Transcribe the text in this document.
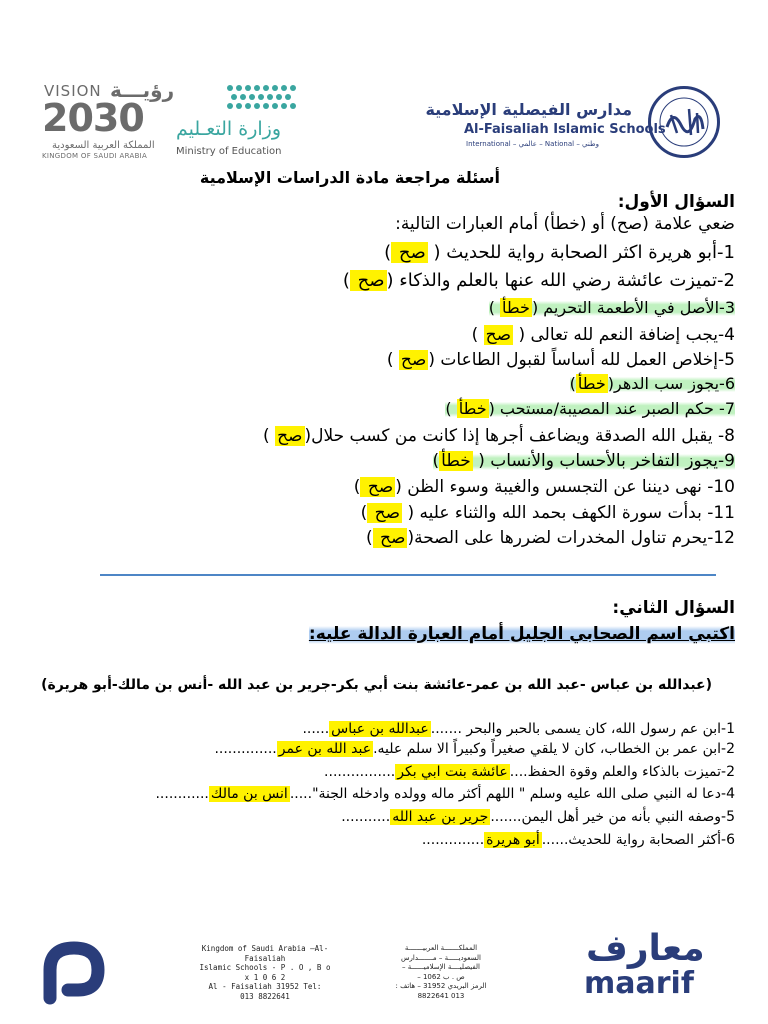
VISION رؤيـــة
2030
المملكة العربية السعودية
KINGDOM OF SAUDI ARABIA
وزارة التعـليم
Ministry of Education
مدارس الفيصلية الإسلامية
Al-Faisaliah Islamic Schools
International – عالمي – National – وطني
أسئلة مراجعة مادة الدراسات الإسلامية
السؤال الأول:
ضعي علامة (صح) أو (خطأ) أمام العبارات التالية:
1-أبو هريرة اكثر الصحابة رواية للحديث ( صح )
2-تميزت عائشة رضي الله عنها بالعلم والذكاء (صح )
3-الأصل في الأطعمة التحريم (خطأ )
4-يجب إضافة النعم لله تعالى ( صح )
5-إخلاص العمل لله أساساً لقبول الطاعات (صح )
6-يجوز سب الدهر(خطأ)
7- حكم الصبر عند المصيبة/مستحب (خطأ )
8- يقبل الله الصدقة ويضاعف أجرها إذا كانت من كسب حلال(صح )
9-يجوز التفاخر بالأحساب والأنساب ( خطأ)
10- نهى ديننا عن التجسس والغيبة وسوء الظن (صح )
11- بدأت سورة الكهف بحمد الله والثناء عليه ( صح )
12-يحرم تناول المخدرات لضررها على الصحة(صح )
السؤال الثاني:
اكتبي اسم الصحابي الجليل أمام العبارة الدالة عليه:
(عبدالله بن عباس -عبد الله بن عمر-عائشة بنت أبي بكر-جرير بن عبد الله -أنس بن مالك-أبو هريرة)
1-ابن عم رسول الله، كان يسمى بالحبر والبحر .......عبدالله بن عباس......
2-ابن عمر بن الخطاب، كان لا يلقي صغيراً وكبيراً الا سلم عليه.عبد الله بن عمر..............
2-تميزت بالذكاء والعلم وقوة الحفظ....عائشة بنت ابي بكر................
4-دعا له النبي صلى الله عليه وسلم " اللهم أكثر ماله وولده وادخله الجنة".....انس بن مالك............
5-وصفه النبي بأنه من خير أهل اليمن.......جرير بن عبد الله...........
6-أكثر الصحابة رواية للحديث......أبو هريرة..............
Kingdom of Saudi Arabia –Al-
Faisaliah
Islamic Schools - P . O , B o
x 1 0 6 2
Al - Faisaliah 31952 Tel:
013 8822641
المملكـــــــة العربيـــــــة
السعوديـــــة – مـــــــدارس
الفيصليــــة الإسلاميــــــة –
ص . ب 1062 –
الرمز البريدي 31952 – هاتف :
013 8822641
معارف
maarif
